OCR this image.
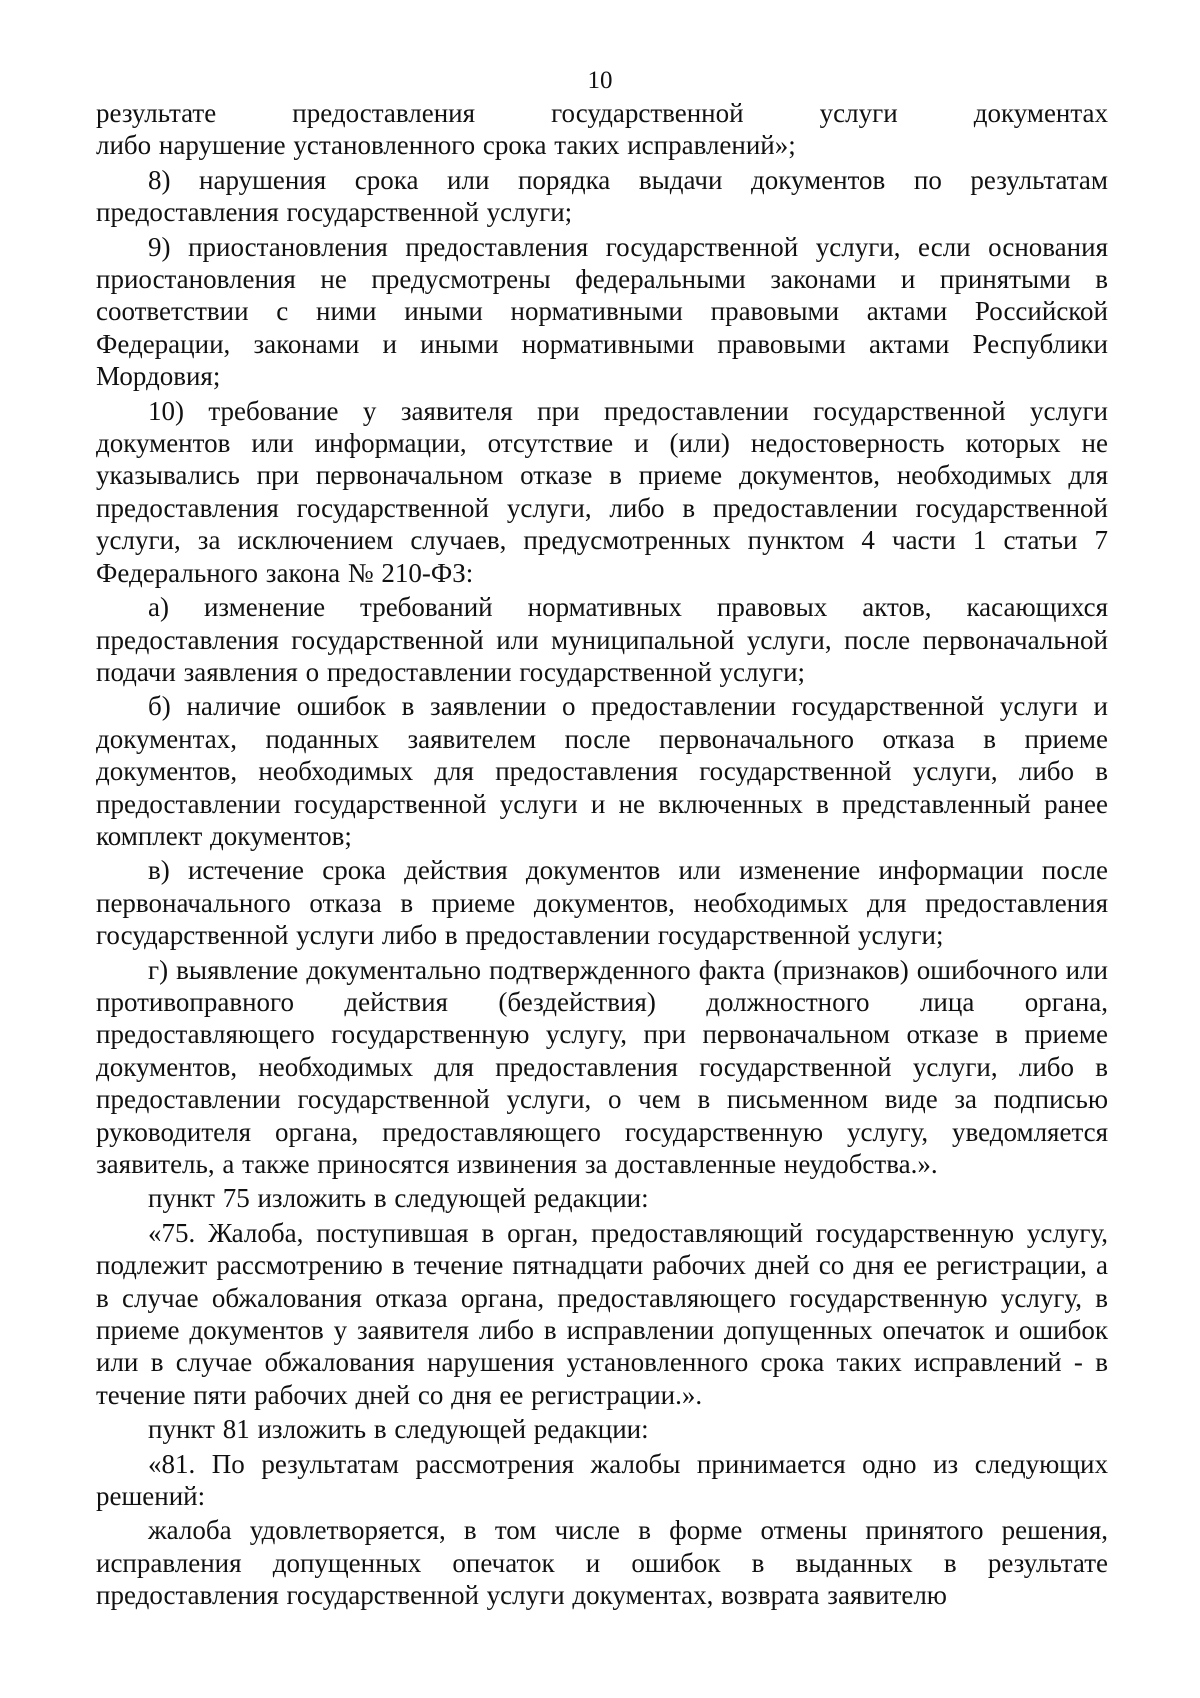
10

результате предоставления государственной услуги документах
либо нарушение установленного срока таких исправлений»;

8) нарушения срока или порядка выдачи документов по результатам предоставления государственной услуги;

9) приостановления предоставления государственной услуги, если основания приостановления не предусмотрены федеральными законами и принятыми в соответствии с ними иными нормативными правовыми актами Российской Федерации, законами и иными нормативными правовыми актами Республики Мордовия;

10) требование у заявителя при предоставлении государственной услуги документов или информации, отсутствие и (или) недостоверность которых не указывались при первоначальном отказе в приеме документов, необходимых для предоставления государственной услуги, либо в предоставлении государственной услуги, за исключением случаев, предусмотренных пунктом 4 части 1 статьи 7 Федерального закона № 210-ФЗ:

а) изменение требований нормативных правовых актов, касающихся предоставления государственной или муниципальной услуги, после первоначальной подачи заявления о предоставлении государственной услуги;

б) наличие ошибок в заявлении о предоставлении государственной услуги и документах, поданных заявителем после первоначального отказа в приеме документов, необходимых для предоставления государственной услуги, либо в предоставлении государственной услуги и не включенных в представленный ранее комплект документов;

в) истечение срока действия документов или изменение информации после первоначального отказа в приеме документов, необходимых для предоставления государственной услуги либо в предоставлении государственной услуги;

г) выявление документально подтвержденного факта (признаков) ошибочного или противоправного действия (бездействия) должностного лица органа, предоставляющего государственную услугу, при первоначальном отказе в приеме документов, необходимых для предоставления государственной услуги, либо в предоставлении государственной услуги, о чем в письменном виде за подписью руководителя органа, предоставляющего государственную услугу, уведомляется заявитель, а также приносятся извинения за доставленные неудобства.».

пункт 75 изложить в следующей редакции:

«75. Жалоба, поступившая в орган, предоставляющий государственную услугу, подлежит рассмотрению в течение пятнадцати рабочих дней со дня ее регистрации, а в случае обжалования отказа органа, предоставляющего государственную услугу, в приеме документов у заявителя либо в исправлении допущенных опечаток и ошибок или в случае обжалования нарушения установленного срока таких исправлений - в течение пяти рабочих дней со дня ее регистрации.».

пункт 81 изложить в следующей редакции:

«81. По результатам рассмотрения жалобы принимается одно из следующих решений:

жалоба удовлетворяется, в том числе в форме отмены принятого решения, исправления допущенных опечаток и ошибок в выданных в результате предоставления государственной услуги документах, возврата заявителю
